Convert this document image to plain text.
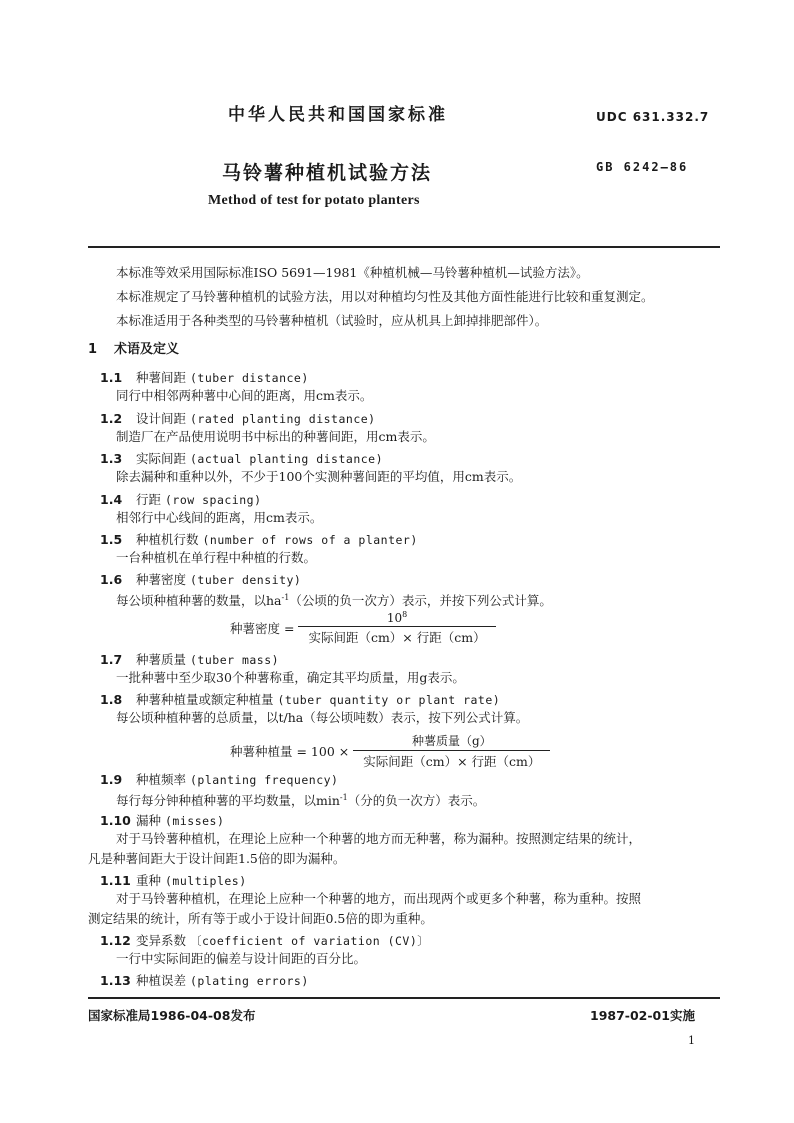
中华人民共和国国家标准	UDC 631.332.7
马铃薯种植机试验方法	GB 6242—86
Method of test for potato planters
本标准等效采用国际标准ISO 5691—1981《种植机械—马铃薯种植机—试验方法》。
本标准规定了马铃薯种植机的试验方法，用以对种植均匀性及其他方面性能进行比较和重复测定。
本标准适用于各种类型的马铃薯种植机（试验时，应从机具上卸掉排肥部件）。
1 术语及定义
1.1 种薯间距 (tuber distance)
同行中相邻两种薯中心间的距离，用cm表示。
1.2 设计间距 (rated planting distance)
制造厂在产品使用说明书中标出的种薯间距，用cm表示。
1.3 实际间距 (actual planting distance)
除去漏种和重种以外，不少于100个实测种薯间距的平均值，用cm表示。
1.4 行距 (row spacing)
相邻行中心线间的距离，用cm表示。
1.5 种植机行数 (number of rows of a planter)
一台种植机在单行程中种植的行数。
1.6 种薯密度 (tuber density)
每公顷种植种薯的数量，以$ha^{-1}$（公顷的负一次方）表示，并按下列公式计算。
种薯密度 = $\frac{10^8}{\text{实际间距（cm）× 行距（cm）}}$
1.7 种薯质量 (tuber mass)
一批种薯中至少取30个种薯称重，确定其平均质量，用g表示。
1.8 种薯种植量或额定种植量 (tuber quantity or plant rate)
每公顷种植种薯的总质量，以t/ha（每公顷吨数）表示，按下列公式计算。
种薯种植量 = $100 \times \frac{\text{种薯质量（g）}}{\text{实际间距（cm）× 行距（cm）}}$
1.9 种植频率 (planting frequency)
每行每分钟种植种薯的平均数量，以$\min^{-1}$（分的负一次方）表示。
1.10 漏种 (misses)
对于马铃薯种植机，在理论上应种一个种薯的地方而无种薯，称为漏种。按照测定结果的统计，
凡是种薯间距大于设计间距1.5倍的即为漏种。
1.11 重种 (multiples)
对于马铃薯种植机，在理论上应种一个种薯的地方，而出现两个或更多个种薯，称为重种。按照
测定结果的统计，所有等于或小于设计间距0.5倍的即为重种。
1.12 变异系数 〔coefficient of variation (CV)〕
一行中实际间距的偏差与设计间距的百分比。
1.13 种植误差 (plating errors)
国家标准局1986-04-08发布	1987-02-01实施
1
